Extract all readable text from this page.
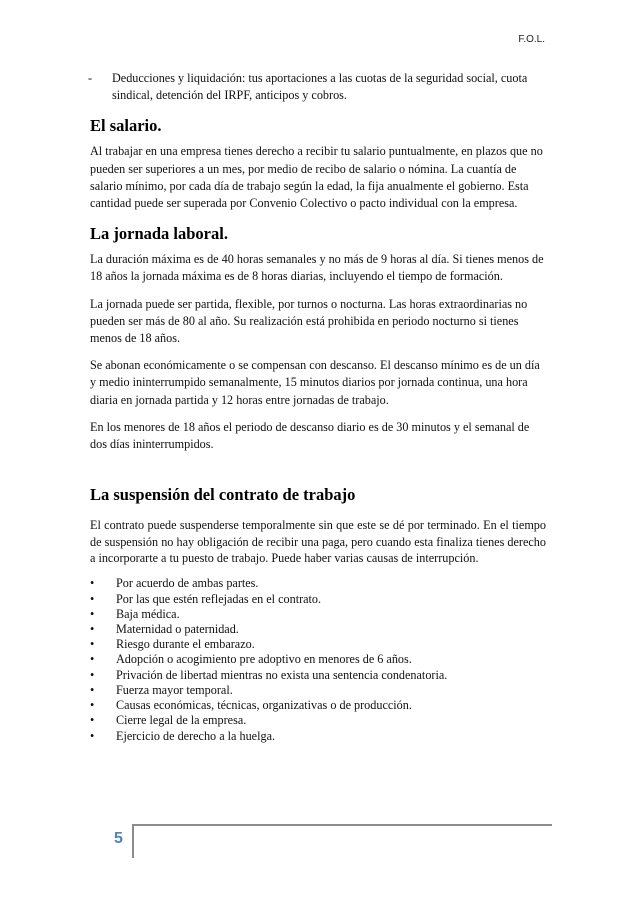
F.O.L.
-	Deducciones y liquidación: tus aportaciones a las cuotas de la seguridad social, cuota sindical, detención del IRPF, anticipos y cobros.
El salario.

Al trabajar en una empresa tienes derecho a recibir tu salario puntualmente, en plazos que no pueden ser superiores a un mes, por medio de recibo de salario o nómina. La cuantía de salario mínimo, por cada día de trabajo según la edad, la fija anualmente el gobierno. Esta cantidad puede ser superada por Convenio Colectivo o pacto individual con la empresa.

La jornada laboral.

La duración máxima es de 40 horas semanales y no más de 9 horas al día. Si tienes menos de 18 años la jornada máxima es de 8 horas diarias, incluyendo el tiempo de formación.

La jornada puede ser partida, flexible, por turnos o nocturna. Las horas extraordinarias no pueden ser más de 80 al año. Su realización está prohibida en periodo nocturno si tienes menos de 18 años.

Se abonan económicamente o se compensan con descanso. El descanso mínimo es de un día y medio ininterrumpido semanalmente, 15 minutos diarios por jornada continua, una hora diaria en jornada partida y 12 horas entre jornadas de trabajo.

En los menores de 18 años el periodo de descanso diario es de 30 minutos y el semanal de dos días ininterrumpidos.

La suspensión del contrato de trabajo

El contrato puede suspenderse temporalmente sin que este se dé por terminado. En el tiempo de suspensión no hay obligación de recibir una paga, pero cuando esta finaliza tienes derecho a incorporarte a tu puesto de trabajo. Puede haber varias causas de interrupción.

•	Por acuerdo de ambas partes.
•	Por las que estén reflejadas en el contrato.
•	Baja médica.
•	Maternidad o paternidad.
•	Riesgo durante el embarazo.
•	Adopción o acogimiento pre adoptivo en menores de 6 años.
•	Privación de libertad mientras no exista una sentencia condenatoria.
•	Fuerza mayor temporal.
•	Causas económicas, técnicas, organizativas o de producción.
•	Cierre legal de la empresa.
•	Ejercicio de derecho a la huelga.
5
